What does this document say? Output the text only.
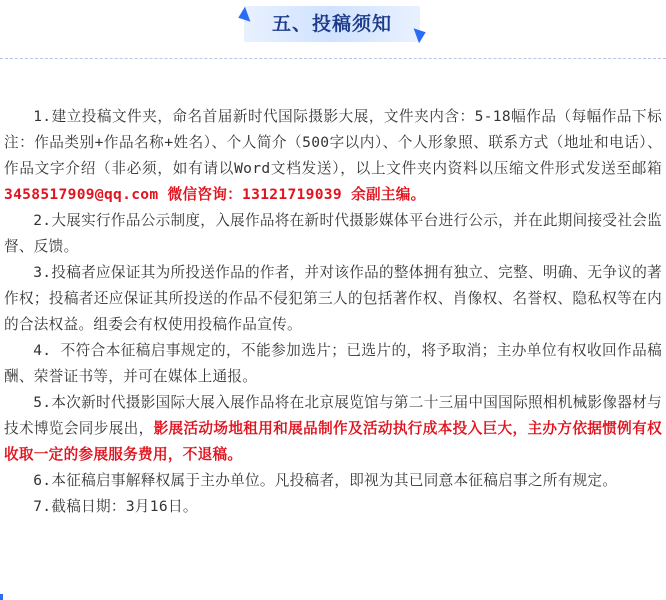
五、投稿须知

1.建立投稿文件夹，命名首届新时代国际摄影大展，文件夹内含：5-18幅作品（每幅作品下标注：作品类别+作品名称+姓名）、个人简介（500字以内）、个人形象照、联系方式（地址和电话）、作品文字介绍（非必须，如有请以Word文档发送），以上文件夹内资料以压缩文件形式发送至邮箱3458517909@qq.com 微信咨询：13121719039 余副主编。

2.大展实行作品公示制度，入展作品将在新时代摄影媒体平台进行公示，并在此期间接受社会监督、反馈。

3.投稿者应保证其为所投送作品的作者，并对该作品的整体拥有独立、完整、明确、无争议的著作权；投稿者还应保证其所投送的作品不侵犯第三人的包括著作权、肖像权、名誉权、隐私权等在内的合法权益。组委会有权使用投稿作品宣传。

4. 不符合本征稿启事规定的，不能参加选片；已选片的，将予取消；主办单位有权收回作品稿酬、荣誉证书等，并可在媒体上通报。

5.本次新时代摄影国际大展入展作品将在北京展览馆与第二十三届中国国际照相机械影像器材与技术博览会同步展出，影展活动场地租用和展品制作及活动执行成本投入巨大，主办方依据惯例有权收取一定的参展服务费用，不退稿。

6.本征稿启事解释权属于主办单位。凡投稿者，即视为其已同意本征稿启事之所有规定。

7.截稿日期：3月16日。
